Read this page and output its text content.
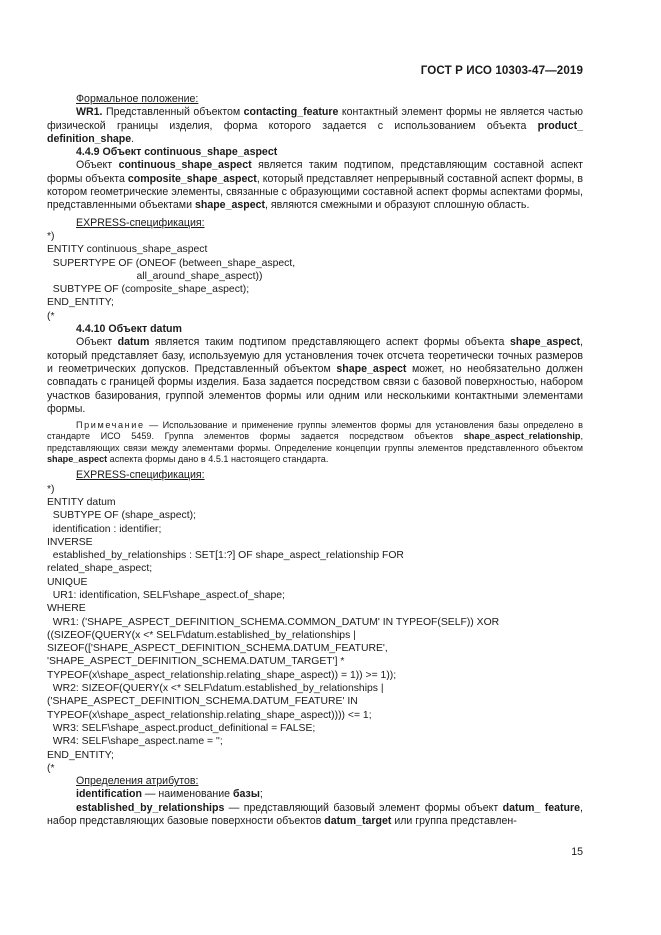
ГОСТ Р ИСО 10303-47—2019

Формальное положение:

WR1. Представленный объектом contacting_feature контактный элемент формы не является частью физической границы изделия, форма которого задается с использованием объекта product_ definition_shape.

4.4.9 Объект continuous_shape_aspect

Объект continuous_shape_aspect является таким подтипом, представляющим составной аспект формы объекта composite_shape_aspect, который представляет непрерывный составной аспект формы, в котором геометрические элементы, связанные с образующими составной аспект формы аспектами формы, представленными объектами shape_aspect, являются смежными и образуют сплошную область.

EXPRESS-спецификация:

*)
ENTITY continuous_shape_aspect
SUPERTYPE OF (ONEOF (between_shape_aspect,
all_around_shape_aspect))
SUBTYPE OF (composite_shape_aspect);
END_ENTITY;
(*

4.4.10 Объект datum

Объект datum является таким подтипом представляющего аспект формы объекта shape_aspect, который представляет базу, используемую для установления точек отсчета теоретически точных размеров и геометрических допусков. Представленный объектом shape_aspect может, но необязательно должен совпадать с границей формы изделия. База задается посредством связи с базовой поверхностью, набором участков базирования, группой элементов формы или одним или несколькими контактными элементами формы.

Примечание — Использование и применение группы элементов формы для установления базы определено в стандарте ИСО 5459. Группа элементов формы задается посредством объектов shape_aspect_relationship, представляющих связи между элементами формы. Определение концепции группы элементов представленного объектом shape_aspect аспекта формы дано в 4.5.1 настоящего стандарта.

EXPRESS-спецификация:

*)
ENTITY datum
SUBTYPE OF (shape_aspect);
identification : identifier;
INVERSE
established_by_relationships : SET[1:?] OF shape_aspect_relationship FOR
related_shape_aspect;
UNIQUE
UR1: identification, SELF\shape_aspect.of_shape;
WHERE
WR1: ('SHAPE_ASPECT_DEFINITION_SCHEMA.COMMON_DATUM' IN TYPEOF(SELF)) XOR
((SIZEOF(QUERY(x <* SELF\datum.established_by_relationships |
SIZEOF(['SHAPE_ASPECT_DEFINITION_SCHEMA.DATUM_FEATURE',
'SHAPE_ASPECT_DEFINITION_SCHEMA.DATUM_TARGET'] *
TYPEOF(x\shape_aspect_relationship.relating_shape_aspect)) = 1)) >= 1));
WR2: SIZEOF(QUERY(x <* SELF\datum.established_by_relationships |
('SHAPE_ASPECT_DEFINITION_SCHEMA.DATUM_FEATURE' IN
TYPEOF(x\shape_aspect_relationship.relating_shape_aspect)))) <= 1;
WR3: SELF\shape_aspect.product_definitional = FALSE;
WR4: SELF\shape_aspect.name = '';
END_ENTITY;
(*

Определения атрибутов:

identification — наименование базы;

established_by_relationships — представляющий базовый элемент формы объект datum_ feature, набор представляющих базовые поверхности объектов datum_target или группа представлен-

15
